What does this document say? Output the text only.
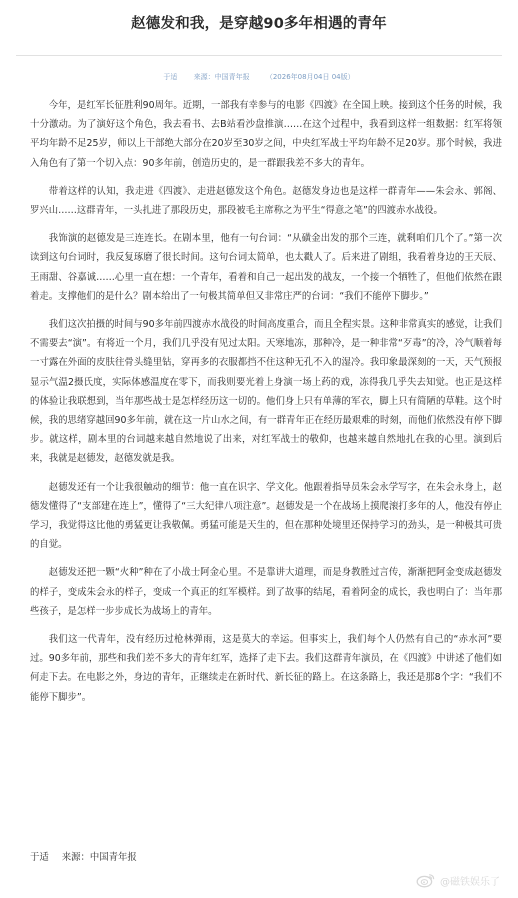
赵德发和我，是穿越90多年相遇的青年
于适 来源：中国青年报 （2026年08月04日 04版）

今年，是红军长征胜利90周年。近期，一部我有幸参与的电影《四渡》在全国上映。接到这个任务的时候，我十分激动。为了演好这个角色，我去看书、去B站看沙盘推演……在这个过程中，我看到这样一组数据：红军将领平均年龄不足25岁，师以上干部绝大部分在20岁至30岁之间，中央红军战士平均年龄不足20岁。那个时候，我进入角色有了第一个切入点：90多年前，创造历史的，是一群跟我差不多大的青年。

带着这样的认知，我走进《四渡》、走进赵德发这个角色。赵德发身边也是这样一群青年——朱会永、郭阁、罗兴山……这群青年，一头扎进了那段历史，那段被毛主席称之为平生“得意之笔”的四渡赤水战役。

我饰演的赵德发是三连连长。在剧本里，他有一句台词：“从磺金出发的那个三连，就剩咱们几个了。”第一次读到这句台词时，我反复琢磨了很长时间。这句台词太简单，也太戳人了。后来进了剧组，我看着身边的王天辰、王雨甜、谷嘉诚……心里一直在想：一个青年，看着和自己一起出发的战友，一个接一个牺牲了，但他们依然在跟着走。支撑他们的是什么？剧本给出了一句极其简单但又非常庄严的台词：“我们不能停下脚步。”

我们这次拍摄的时间与90多年前四渡赤水战役的时间高度重合，而且全程实景。这种非常真实的感觉，让我们不需要去“演”。有将近一个月，我们几乎没有见过太阳。天寒地冻，那种冷，是一种非常“歹毒”的冷，冷气顺着每一寸露在外面的皮肤往骨头缝里钻，穿再多的衣服都挡不住这种无孔不入的湿冷。我印象最深刻的一天，天气预报显示气温2摄氏度，实际体感温度在零下，而我则要光着上身演一场上药的戏，冻得我几乎失去知觉。也正是这样的体验让我联想到，当年那些战士是怎样经历这一切的。他们身上只有单薄的军衣，脚上只有简陋的草鞋。这个时候，我的思绪穿越回90多年前，就在这一片山水之间，有一群青年正在经历最艰难的时刻，而他们依然没有停下脚步。就这样，剧本里的台词越来越自然地说了出来，对红军战士的敬仰，也越来越自然地扎在我的心里。演到后来，我就是赵德发，赵德发就是我。

赵德发还有一个让我很触动的细节：他一直在识字、学文化。他跟着指导员朱会永学写字，在朱会永身上，赵德发懂得了“支部建在连上”，懂得了“三大纪律八项注意”。赵德发是一个在战场上摸爬滚打多年的人，他没有停止学习，我觉得这比他的勇猛更让我敬佩。勇猛可能是天生的，但在那种处境里还保持学习的劲头，是一种极其可贵的自觉。

赵德发还把一颗“火种”种在了小战士阿金心里。不是靠讲大道理，而是身教胜过言传，渐渐把阿金变成赵德发的样子，变成朱会永的样子，变成一个真正的红军模样。到了故事的结尾，看着阿金的成长，我也明白了：当年那些孩子，是怎样一步步成长为战场上的青年。

我们这一代青年，没有经历过枪林弹雨，这是莫大的幸运。但事实上，我们每个人仍然有自己的“赤水河”要过。90多年前，那些和我们差不多大的青年红军，选择了走下去。我们这群青年演员，在《四渡》中讲述了他们如何走下去。在电影之外，身边的青年，正继续走在新时代、新长征的路上。在这条路上，我还是那8个字：“我们不能停下脚步”。

于适 来源：中国青年报
@磁铁娱乐了
